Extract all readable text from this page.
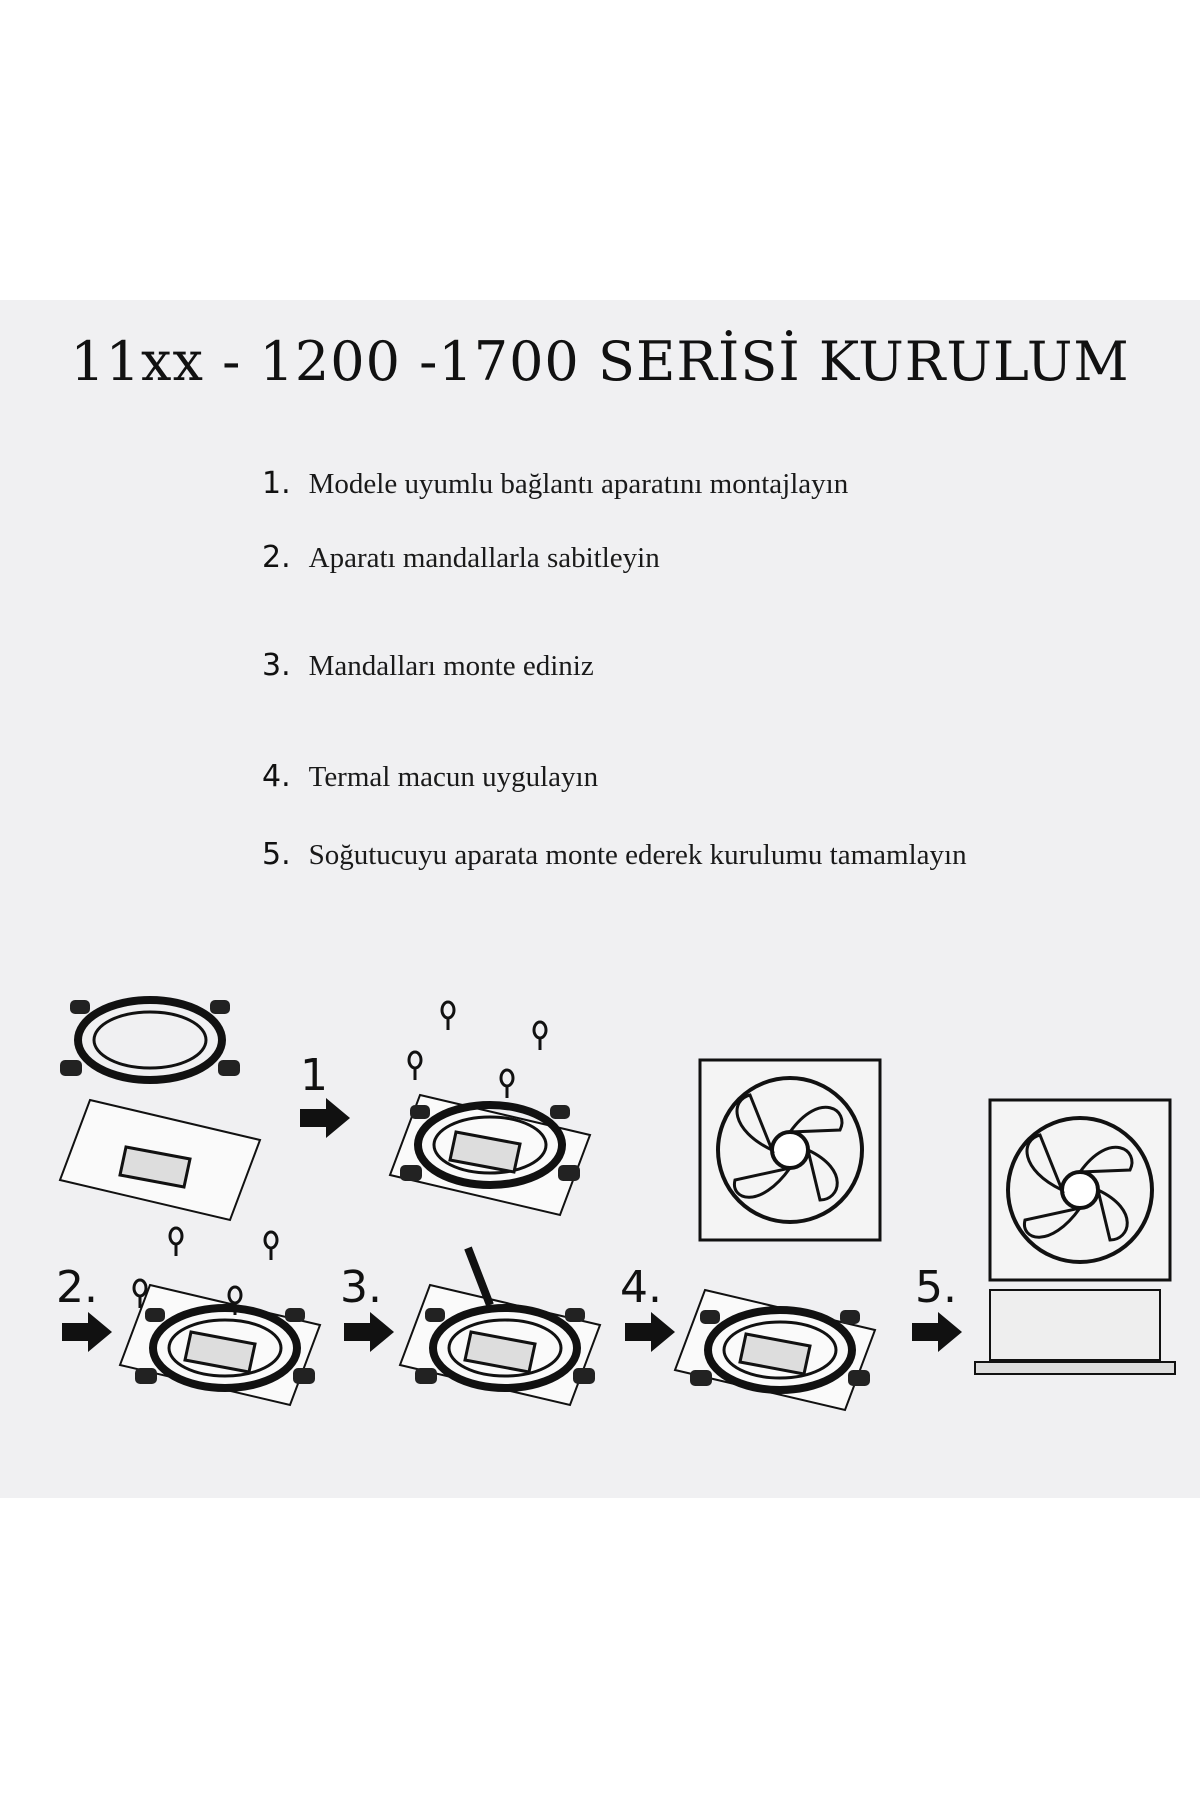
11xx - 1200 -1700 SERİSİ KURULUM
1. Modele uyumlu bağlantı aparatını montajlayın
2. Aparatı mandallarla sabitleyin
3. Mandalları monte ediniz
4. Termal macun uygulayın
5. Soğutucuyu aparata monte ederek kurulumu tamamlayın
1
2.	3.	4.	5.
